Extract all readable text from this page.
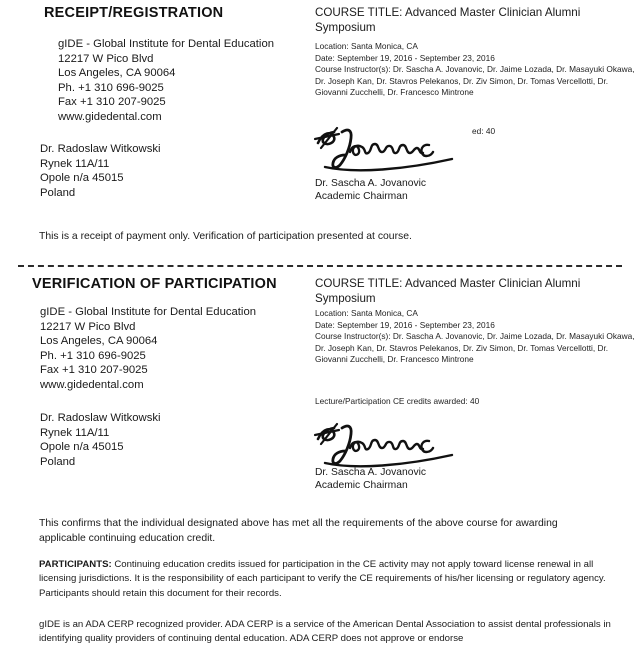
RECEIPT/REGISTRATION
gIDE - Global Institute for Dental Education
12217 W Pico Blvd
Los Angeles, CA 90064
Ph. +1 310 696-9025
Fax +1 310 207-9025
www.gidedental.com
Dr. Radoslaw Witkowski
Rynek 11A/11
Opole n/a 45015
Poland
COURSE TITLE: Advanced Master Clinician Alumni Symposium
Location: Santa Monica, CA
Date: September 19, 2016 - September 23, 2016
Course Instructor(s): Dr. Sascha A. Jovanovic, Dr. Jaime Lozada, Dr. Masayuki Okawa, Dr. Joseph Kan, Dr. Stavros Pelekanos, Dr. Ziv Simon, Dr. Tomas Vercellotti, Dr. Giovanni Zucchelli, Dr. Francesco Mintrone
ed: 40
Dr. Sascha A. Jovanovic
Academic Chairman
This is a receipt of payment only. Verification of participation presented at course.
VERIFICATION OF PARTICIPATION
gIDE - Global Institute for Dental Education
12217 W Pico Blvd
Los Angeles, CA 90064
Ph. +1 310 696-9025
Fax +1 310 207-9025
www.gidedental.com
Dr. Radoslaw Witkowski
Rynek 11A/11
Opole n/a 45015
Poland
COURSE TITLE: Advanced Master Clinician Alumni Symposium
Location: Santa Monica, CA
Date: September 19, 2016 - September 23, 2016
Course Instructor(s): Dr. Sascha A. Jovanovic, Dr. Jaime Lozada, Dr. Masayuki Okawa, Dr. Joseph Kan, Dr. Stavros Pelekanos, Dr. Ziv Simon, Dr. Tomas Vercellotti, Dr. Giovanni Zucchelli, Dr. Francesco Mintrone
Lecture/Participation CE credits awarded: 40
Dr. Sascha A. Jovanovic
Academic Chairman
This confirms that the individual designated above has met all the requirements of the above course for awarding applicable continuing education credit.
PARTICIPANTS: Continuing education credits issued for participation in the CE activity may not apply toward license renewal in all licensing jurisdictions. It is the responsibility of each participant to verify the CE requirements of his/her licensing or regulatory agency. Participants should retain this document for their records.
gIDE is an ADA CERP recognized provider. ADA CERP is a service of the American Dental Association to assist dental professionals in identifying quality providers of continuing dental education. ADA CERP does not approve or endorse
